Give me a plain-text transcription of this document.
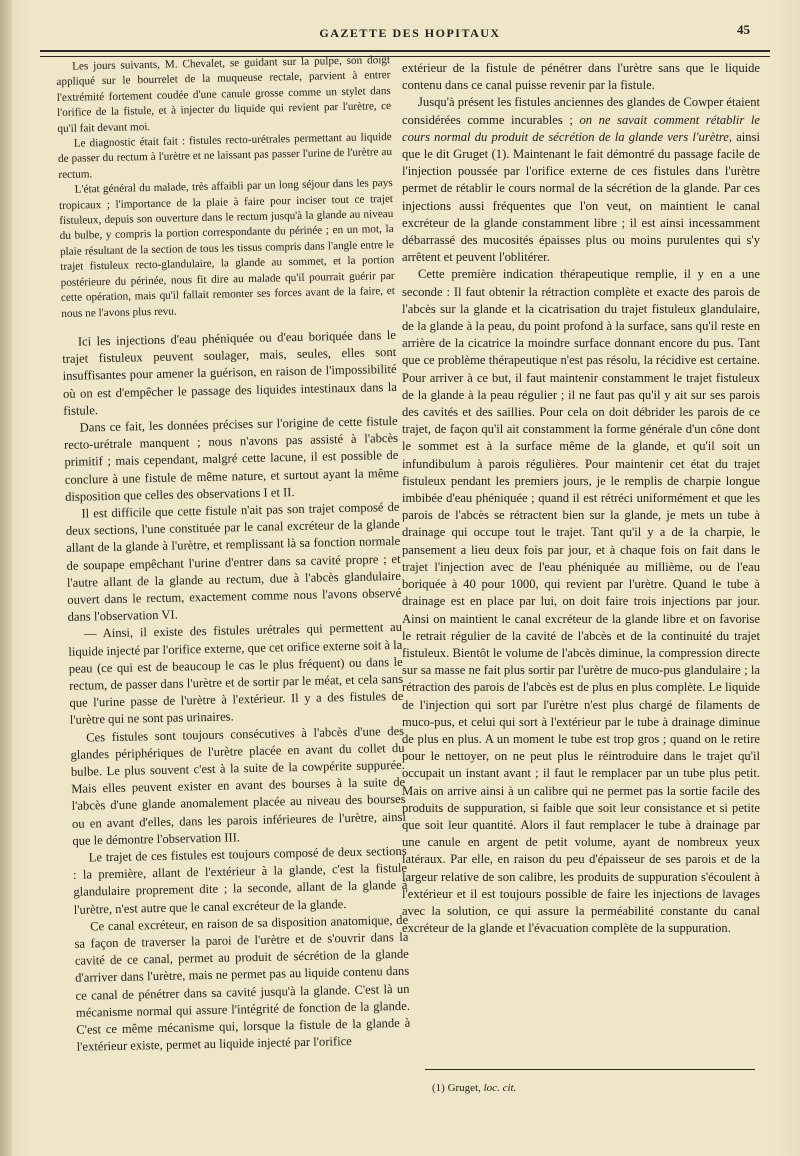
GAZETTE DES HOPITAUX	45

Les jours suivants, M. Chevalet, se guidant sur la pulpe, son doigt appliqué sur le bourrelet de la muqueuse rectale, parvient à entrer l'extrémité fortement coudée d'une canule grosse comme un stylet dans l'orifice de la fistule, et à injecter du liquide qui revient par l'urètre, ce qu'il fait devant moi.

Le diagnostic était fait : fistules recto-urétrales permettant au liquide de passer du rectum à l'urètre et ne laissant pas passer l'urine de l'urètre au rectum.

L'état général du malade, très affaibli par un long séjour dans les pays tropicaux ; l'importance de la plaie à faire pour inciser tout ce trajet fistuleux, depuis son ouverture dans le rectum jusqu'à la glande au niveau du bulbe, y compris la portion correspondante du périnée ; en un mot, la plaie résultant de la section de tous les tissus compris dans l'angle entre le trajet fistuleux recto-glandulaire, la glande au sommet, et la portion postérieure du périnée, nous fit dire au malade qu'il pourrait guérir par cette opération, mais qu'il fallait remonter ses forces avant de la faire, et nous ne l'avons plus revu.

Ici les injections d'eau phéniquée ou d'eau boriquée dans le trajet fistuleux peuvent soulager, mais, seules, elles sont insuffisantes pour amener la guérison, en raison de l'impossibilité où on est d'empêcher le passage des liquides intestinaux dans la fistule.

Dans ce fait, les données précises sur l'origine de cette fistule recto-urétrale manquent ; nous n'avons pas assisté à l'abcès primitif ; mais cependant, malgré cette lacune, il est possible de conclure à une fistule de même nature, et surtout ayant la même disposition que celles des observations I et II.

Il est difficile que cette fistule n'ait pas son trajet composé de deux sections, l'une constituée par le canal excréteur de la glande allant de la glande à l'urètre, et remplissant là sa fonction normale de soupape empêchant l'urine d'entrer dans sa cavité propre ; et l'autre allant de la glande au rectum, due à l'abcès glandulaire ouvert dans le rectum, exactement comme nous l'avons observé dans l'observation VI.

— Ainsi, il existe des fistules urétrales qui permettent au liquide injecté par l'orifice externe, que cet orifice externe soit à la peau (ce qui est de beaucoup le cas le plus fréquent) ou dans le rectum, de passer dans l'urètre et de sortir par le méat, et cela sans que l'urine passe de l'urètre à l'extérieur. Il y a des fistules de l'urètre qui ne sont pas urinaires.

Ces fistules sont toujours consécutives à l'abcès d'une des glandes périphériques de l'urètre placée en avant du collet du bulbe. Le plus souvent c'est à la suite de la cowpérite suppurée. Mais elles peuvent exister en avant des bourses à la suite de l'abcès d'une glande anomalement placée au niveau des bourses ou en avant d'elles, dans les parois inférieures de l'urètre, ainsi que le démontre l'observation III.

Le trajet de ces fistules est toujours composé de deux sections : la première, allant de l'extérieur à la glande, c'est la fistule glandulaire proprement dite ; la seconde, allant de la glande à l'urètre, n'est autre que le canal excréteur de la glande.

Ce canal excréteur, en raison de sa disposition anatomique, de sa façon de traverser la paroi de l'urètre et de s'ouvrir dans la cavité de ce canal, permet au produit de sécrétion de la glande d'arriver dans l'urètre, mais ne permet pas au liquide contenu dans ce canal de pénétrer dans sa cavité jusqu'à la glande. C'est là un mécanisme normal qui assure l'intégrité de fonction de la glande. C'est ce même mécanisme qui, lorsque la fistule de la glande à l'extérieur existe, permet au liquide injecté par l'orifice

extérieur de la fistule de pénétrer dans l'urètre sans que le liquide contenu dans ce canal puisse revenir par la fistule.

Jusqu'à présent les fistules anciennes des glandes de Cowper étaient considérées comme incurables ; on ne savait comment rétablir le cours normal du produit de sécrétion de la glande vers l'urètre, ainsi que le dit Gruget (1). Maintenant le fait démontré du passage facile de l'injection poussée par l'orifice externe de ces fistules dans l'urètre permet de rétablir le cours normal de la sécrétion de la glande. Par ces injections aussi fréquentes que l'on veut, on maintient le canal excréteur de la glande constamment libre ; il est ainsi incessamment débarrassé des mucosités épaisses plus ou moins purulentes qui s'y arrêtent et peuvent l'oblitérer.

Cette première indication thérapeutique remplie, il y en a une seconde : Il faut obtenir la rétraction complète et exacte des parois de l'abcès sur la glande et la cicatrisation du trajet fistuleux glandulaire, de la glande à la peau, du point profond à la surface, sans qu'il reste en arrière de la cicatrice la moindre surface donnant encore du pus. Tant que ce problème thérapeutique n'est pas résolu, la récidive est certaine. Pour arriver à ce but, il faut maintenir constamment le trajet fistuleux de la glande à la peau régulier ; il ne faut pas qu'il y ait sur ses parois des cavités et des saillies. Pour cela on doit débrider les parois de ce trajet, de façon qu'il ait constamment la forme générale d'un cône dont le sommet est à la surface même de la glande, et qu'il soit un infundibulum à parois régulières. Pour maintenir cet état du trajet fistuleux pendant les premiers jours, je le remplis de charpie longue imbibée d'eau phéniquée ; quand il est rétréci uniformément et que les parois de l'abcès se rétractent bien sur la glande, je mets un tube à drainage qui occupe tout le trajet. Tant qu'il y a de la charpie, le pansement a lieu deux fois par jour, et à chaque fois on fait dans le trajet l'injection avec de l'eau phéniquée au millième, ou de l'eau boriquée à 40 pour 1000, qui revient par l'urètre. Quand le tube à drainage est en place par lui, on doit faire trois injections par jour. Ainsi on maintient le canal excréteur de la glande libre et on favorise le retrait régulier de la cavité de l'abcès et de la continuité du trajet fistuleux. Bientôt le volume de l'abcès diminue, la compression directe sur sa masse ne fait plus sortir par l'urètre de muco-pus glandulaire ; la rétraction des parois de l'abcès est de plus en plus complète. Le liquide de l'injection qui sort par l'urètre n'est plus chargé de filaments de muco-pus, et celui qui sort à l'extérieur par le tube à drainage diminue de plus en plus. A un moment le tube est trop gros ; quand on le retire pour le nettoyer, on ne peut plus le réintroduire dans le trajet qu'il occupait un instant avant ; il faut le remplacer par un tube plus petit. Mais on arrive ainsi à un calibre qui ne permet pas la sortie facile des produits de suppuration, si faible que soit leur consistance et si petite que soit leur quantité. Alors il faut remplacer le tube à drainage par une canule en argent de petit volume, ayant de nombreux yeux latéraux. Par elle, en raison du peu d'épaisseur de ses parois et de la largeur relative de son calibre, les produits de suppuration s'écoulent à l'extérieur et il est toujours possible de faire les injections de lavages avec la solution, ce qui assure la perméabilité constante du canal excréteur de la glande et l'évacuation complète de la suppuration.

(1) Gruget, loc. cit.
